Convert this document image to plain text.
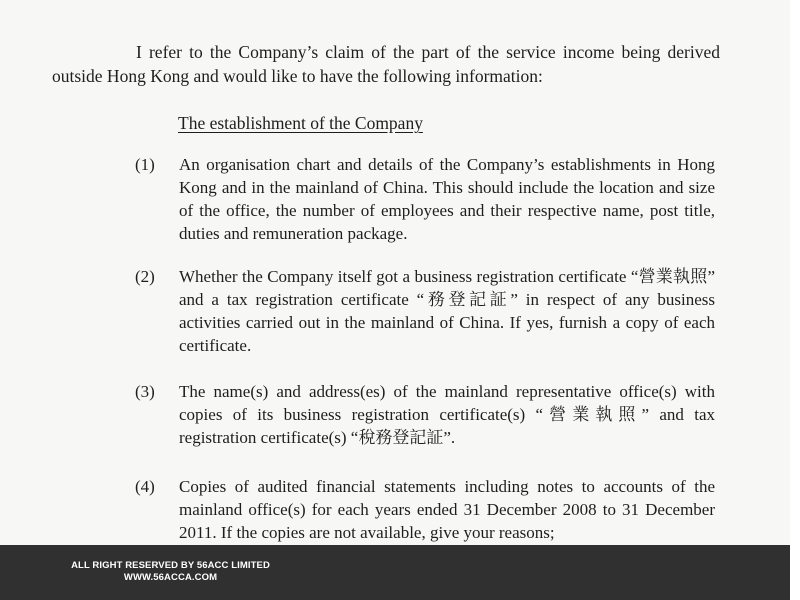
I refer to the Company’s claim of the part of the service income being derived outside Hong Kong and would like to have the following information:
The establishment of the Company
(1) An organisation chart and details of the Company’s establishments in Hong Kong and in the mainland of China. This should include the location and size of the office, the number of employees and their respective name, post title, duties and remuneration package.
(2) Whether the Company itself got a business registration certificate “營業執照” and a tax registration certificate “務登記証” in respect of any business activities carried out in the mainland of China. If yes, furnish a copy of each certificate.
(3) The name(s) and address(es) of the mainland representative office(s) with copies of its business registration certificate(s) “營業執照” and tax registration certificate(s) “稅務登記証”.
(4) Copies of audited financial statements including notes to accounts of the mainland office(s) for each years ended 31 December 2008 to 31 December 2011. If the copies are not available, give your reasons;
ALL RIGHT RESERVED BY 56ACC LIMITED
WWW.56ACCA.COM
